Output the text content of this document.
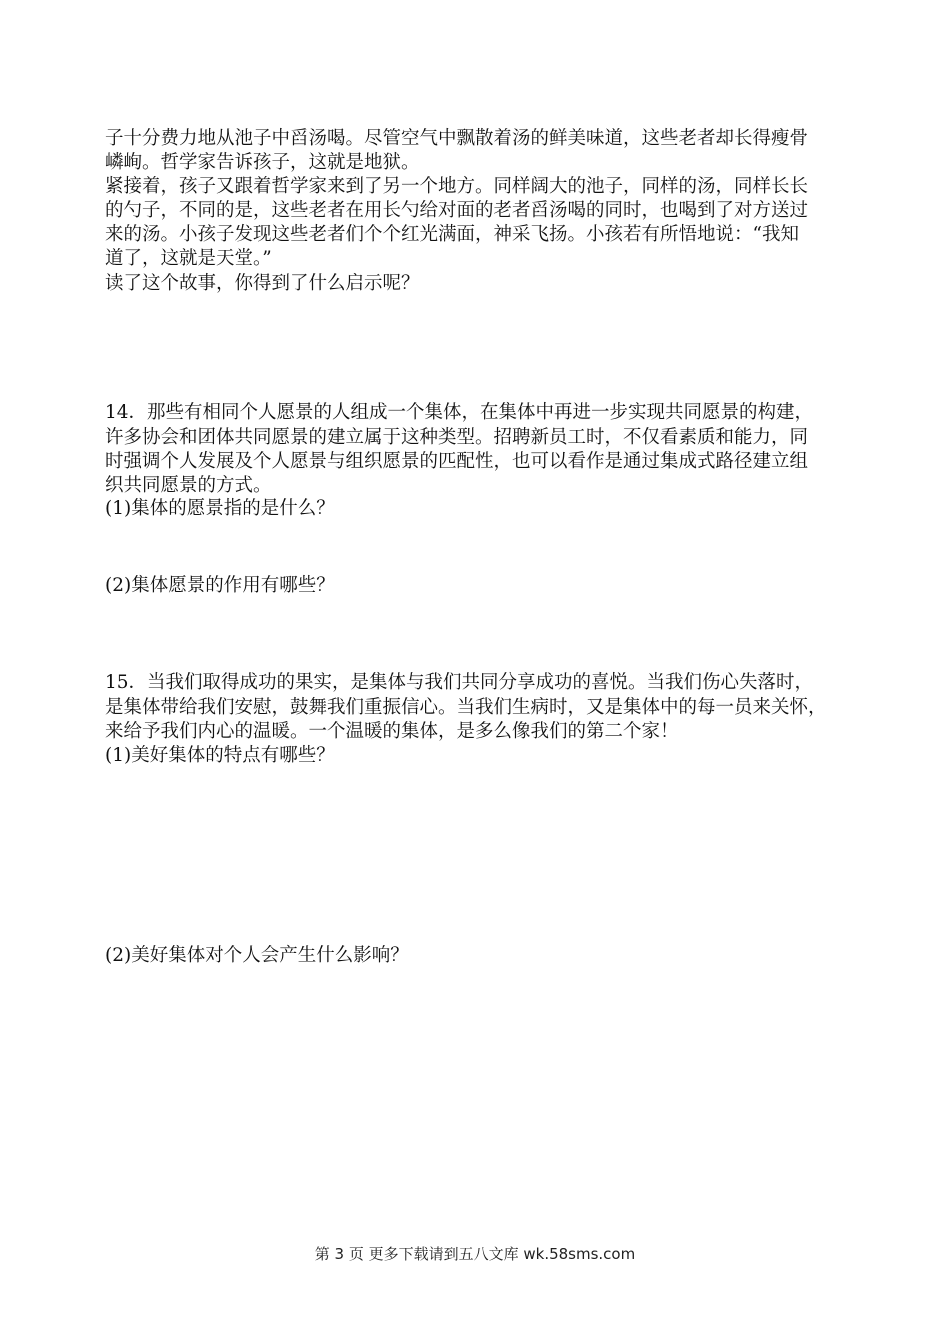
子十分费力地从池子中舀汤喝。尽管空气中飘散着汤的鲜美味道，这些老者却长得瘦骨
嶙峋。哲学家告诉孩子，这就是地狱。
紧接着，孩子又跟着哲学家来到了另一个地方。同样阔大的池子，同样的汤，同样长长
的勺子，不同的是，这些老者在用长勺给对面的老者舀汤喝的同时，也喝到了对方送过
来的汤。小孩子发现这些老者们个个红光满面，神采飞扬。小孩若有所悟地说：“我知
道了，这就是天堂。”
读了这个故事，你得到了什么启示呢？
14．那些有相同个人愿景的人组成一个集体，在集体中再进一步实现共同愿景的构建，
许多协会和团体共同愿景的建立属于这种类型。招聘新员工时，不仅看素质和能力，同
时强调个人发展及个人愿景与组织愿景的匹配性，也可以看作是通过集成式路径建立组
织共同愿景的方式。
(1)集体的愿景指的是什么？
(2)集体愿景的作用有哪些？
15．当我们取得成功的果实，是集体与我们共同分享成功的喜悦。当我们伤心失落时，
是集体带给我们安慰，鼓舞我们重振信心。当我们生病时，又是集体中的每一员来关怀，
来给予我们内心的温暖。一个温暖的集体，是多么像我们的第二个家！
(1)美好集体的特点有哪些？
(2)美好集体对个人会产生什么影响？
第 3 页 更多下载请到五八文库 wk.58sms.com
